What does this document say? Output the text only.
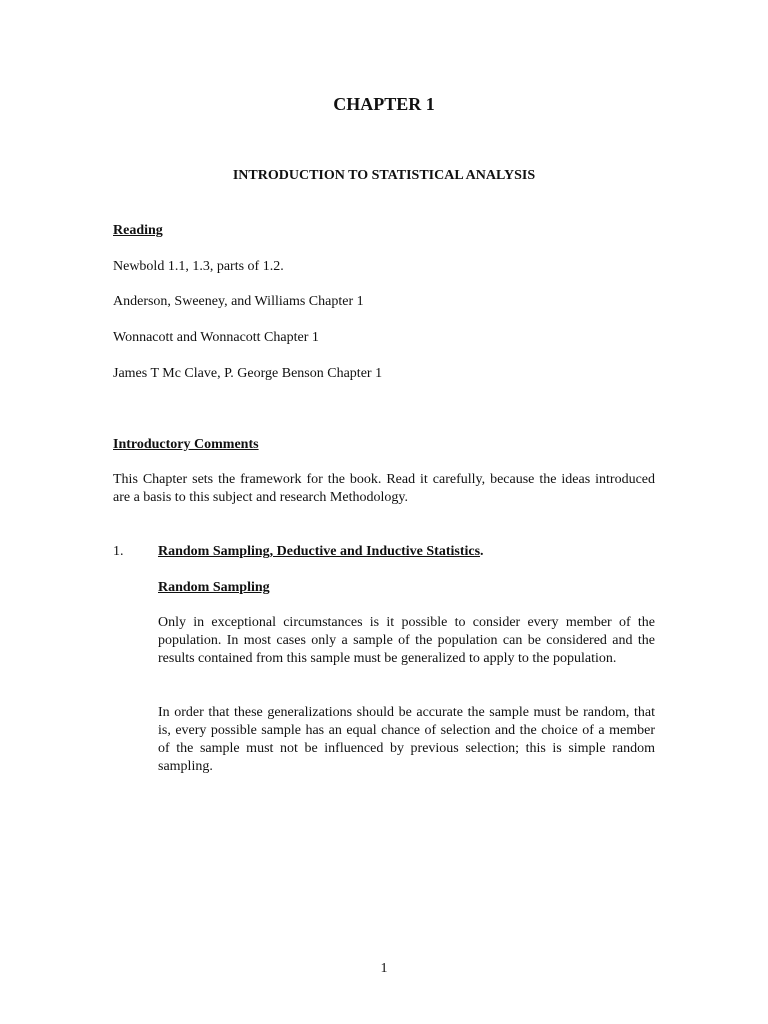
CHAPTER 1
INTRODUCTION TO STATISTICAL ANALYSIS
Reading
Newbold 1.1, 1.3, parts of 1.2.
Anderson, Sweeney, and Williams Chapter 1
Wonnacott and Wonnacott Chapter 1
James T Mc Clave, P. George Benson Chapter 1
Introductory Comments
This Chapter sets the framework for the book. Read it carefully, because the ideas introduced are a basis to this subject and research Methodology.
1. Random Sampling, Deductive and Inductive Statistics.
Random Sampling
Only in exceptional circumstances is it possible to consider every member of the population. In most cases only a sample of the population can be considered and the results contained from this sample must be generalized to apply to the population.
In order that these generalizations should be accurate the sample must be random, that is, every possible sample has an equal chance of selection and the choice of a member of the sample must not be influenced by previous selection; this is simple random sampling.
1
